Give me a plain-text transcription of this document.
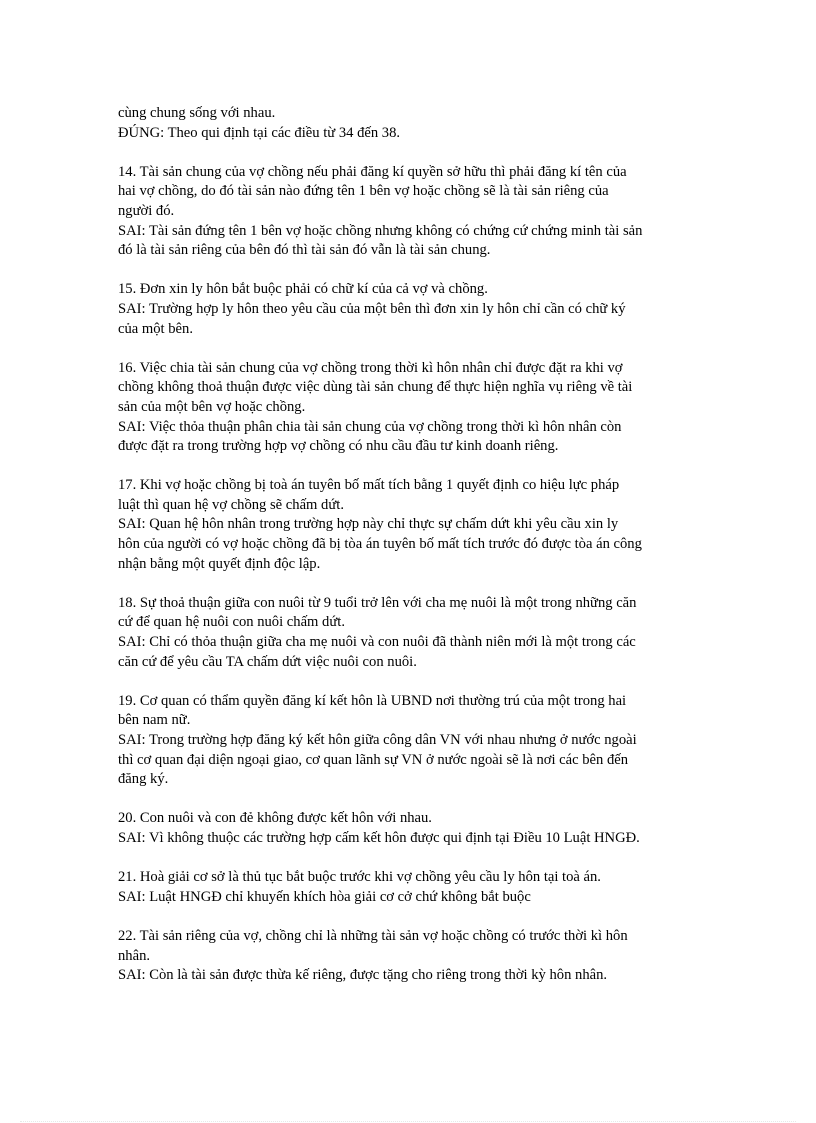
cùng chung sống với nhau.

ĐÚNG: Theo qui định tại các điều từ 34 đến 38.

14. Tài sản chung của vợ chồng nếu phải đăng kí quyền sở hữu thì phải đăng kí tên của

hai vợ chồng, do đó tài sản nào đứng tên 1 bên vợ hoặc chồng sẽ là tài sản riêng của

người đó.

SAI: Tài sản đứng tên 1 bên vợ hoặc chồng nhưng không có chứng cứ chứng minh tài sản

đó là tài sản riêng của bên đó thì tài sản đó vẫn là tài sản chung.

15. Đơn xin ly hôn bắt buộc phải có chữ kí của cả vợ và chồng.

SAI: Trường hợp ly hôn theo yêu cầu của một bên thì đơn xin ly hôn chỉ cần có chữ ký

của một bên.

16. Việc chia tài sản chung của vợ chồng trong thời kì hôn nhân chỉ được đặt ra khi vợ

chồng không thoả thuận được việc dùng tài sản chung để thực hiện nghĩa vụ riêng về tài

sản của một bên vợ hoặc chồng.

SAI: Việc thỏa thuận phân chia tài sản chung của vợ chồng trong thời kì hôn nhân còn

được đặt ra trong trường hợp vợ chồng có nhu cầu đầu tư kinh doanh riêng.

17. Khi vợ hoặc chồng bị toà án tuyên bố mất tích bằng 1 quyết định co hiệu lực pháp

luật thì quan hệ vợ chồng sẽ chấm dứt.

SAI: Quan hệ hôn nhân trong trường hợp này chỉ thực sự chấm dứt khi yêu cầu xin ly

hôn của người có vợ hoặc chồng đã bị tòa án tuyên bố mất tích trước đó được tòa án công

nhận bằng một quyết định độc lập.

18. Sự thoả thuận giữa con nuôi từ 9 tuổi trở lên với cha mẹ nuôi là một trong những căn

cứ để quan hệ nuôi con nuôi chấm dứt.

SAI: Chỉ có thỏa thuận giữa cha mẹ nuôi và con nuôi đã thành niên mới là một trong các

căn cứ để yêu cầu TA chấm dứt việc nuôi con nuôi.

19. Cơ quan có thẩm quyền đăng kí kết hôn là UBND nơi thường trú của một trong hai

bên nam nữ.

SAI: Trong trường hợp đăng ký kết hôn giữa công dân VN với nhau nhưng ở nước ngoài

thì cơ quan đại diện ngoại giao, cơ quan lãnh sự VN ở nước ngoài sẽ là nơi các bên đến

đăng ký.

20. Con nuôi và con đẻ không được kết hôn với nhau.

SAI: Vì không thuộc các trường hợp cấm kết hôn được qui định tại Điều 10 Luật HNGĐ.

21. Hoà giải cơ sở là thủ tục bắt buộc trước khi vợ chồng yêu cầu ly hôn tại toà án.

SAI: Luật HNGĐ chỉ khuyến khích hòa giải cơ cở chứ không bắt buộc

22. Tài sản riêng của vợ, chồng chỉ là những tài sản vợ hoặc chồng có trước thời kì hôn

nhân.

SAI: Còn là tài sản được thừa kế riêng, được tặng cho riêng trong thời kỳ hôn nhân.
